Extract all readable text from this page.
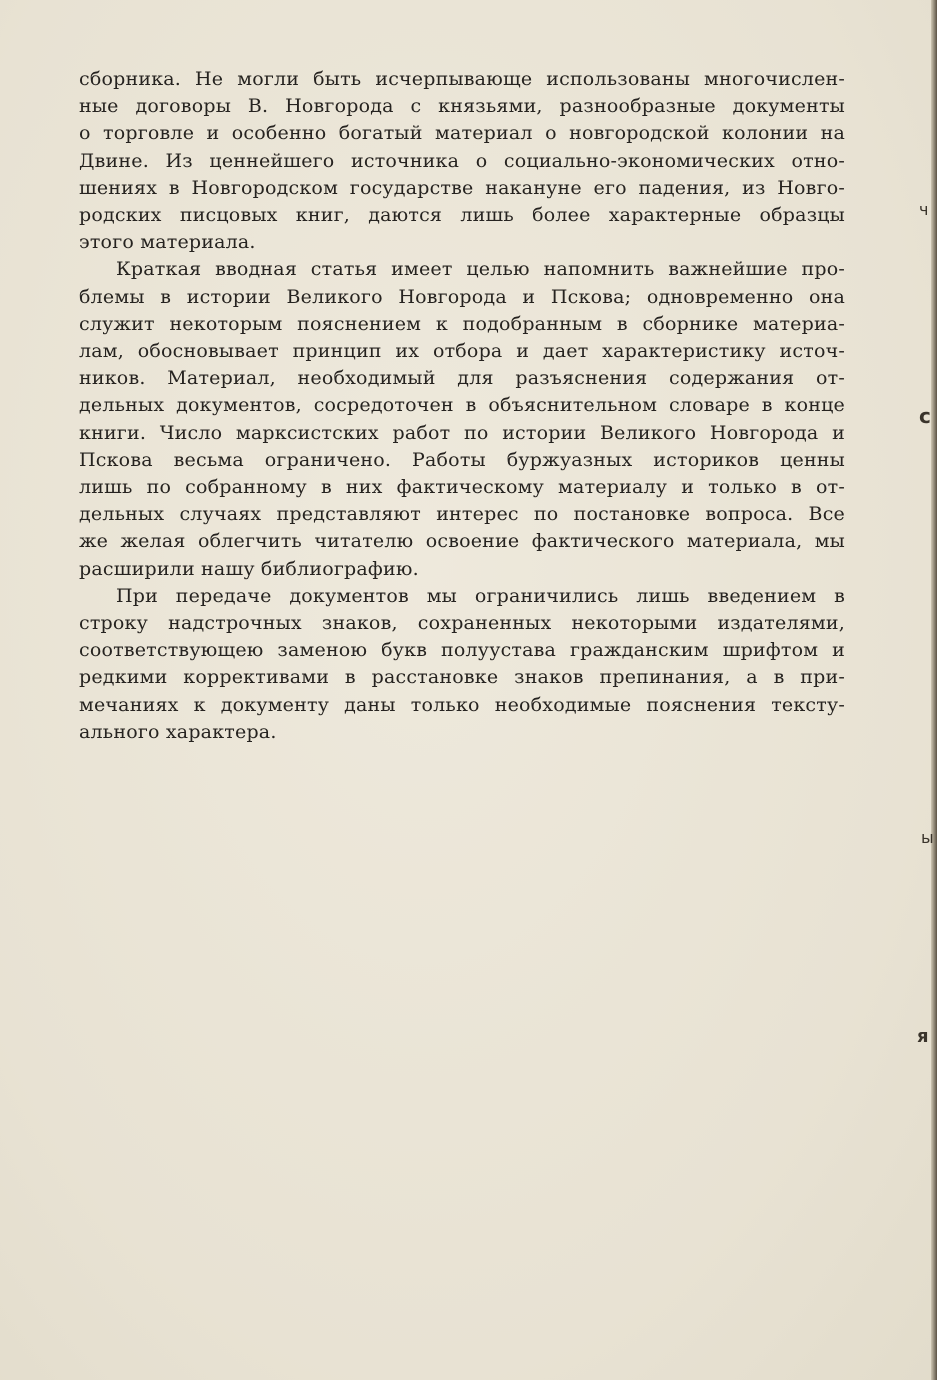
сборника. Не могли быть исчерпывающе использованы многочислен-
ные договоры В. Новгорода с князьями, разнообразные документы
о торговле и особенно богатый материал о новгородской колонии на
Двине. Из ценнейшего источника о социально-экономических отно-
шениях в Новгородском государстве накануне его падения, из Новго-
родских писцовых книг, даются лишь более характерные образцы
этого материала.

Краткая вводная статья имеет целью напомнить важнейшие про-
блемы в истории Великого Новгорода и Пскова; одновременно она
служит некоторым пояснением к подобранным в сборнике материа-
лам, обосновывает принцип их отбора и дает характеристику источ-
ников. Материал, необходимый для разъяснения содержания от-
дельных документов, сосредоточен в объяснительном словаре в конце
книги. Число марксистских работ по истории Великого Новгорода и
Пскова весьма ограничено. Работы буржуазных историков ценны
лишь по собранному в них фактическому материалу и только в от-
дельных случаях представляют интерес по постановке вопроса. Все
же желая облегчить читателю освоение фактического материала, мы
расширили нашу библиографию.

При передаче документов мы ограничились лишь введением в
строку надстрочных знаков, сохраненных некоторыми издателями,
соответствующею заменою букв полуустава гражданским шрифтом и
редкими коррективами в расстановке знаков препинания, а в при-
мечаниях к документу даны только необходимые пояснения тексту-
ального характера.

ч
с
ы
я
